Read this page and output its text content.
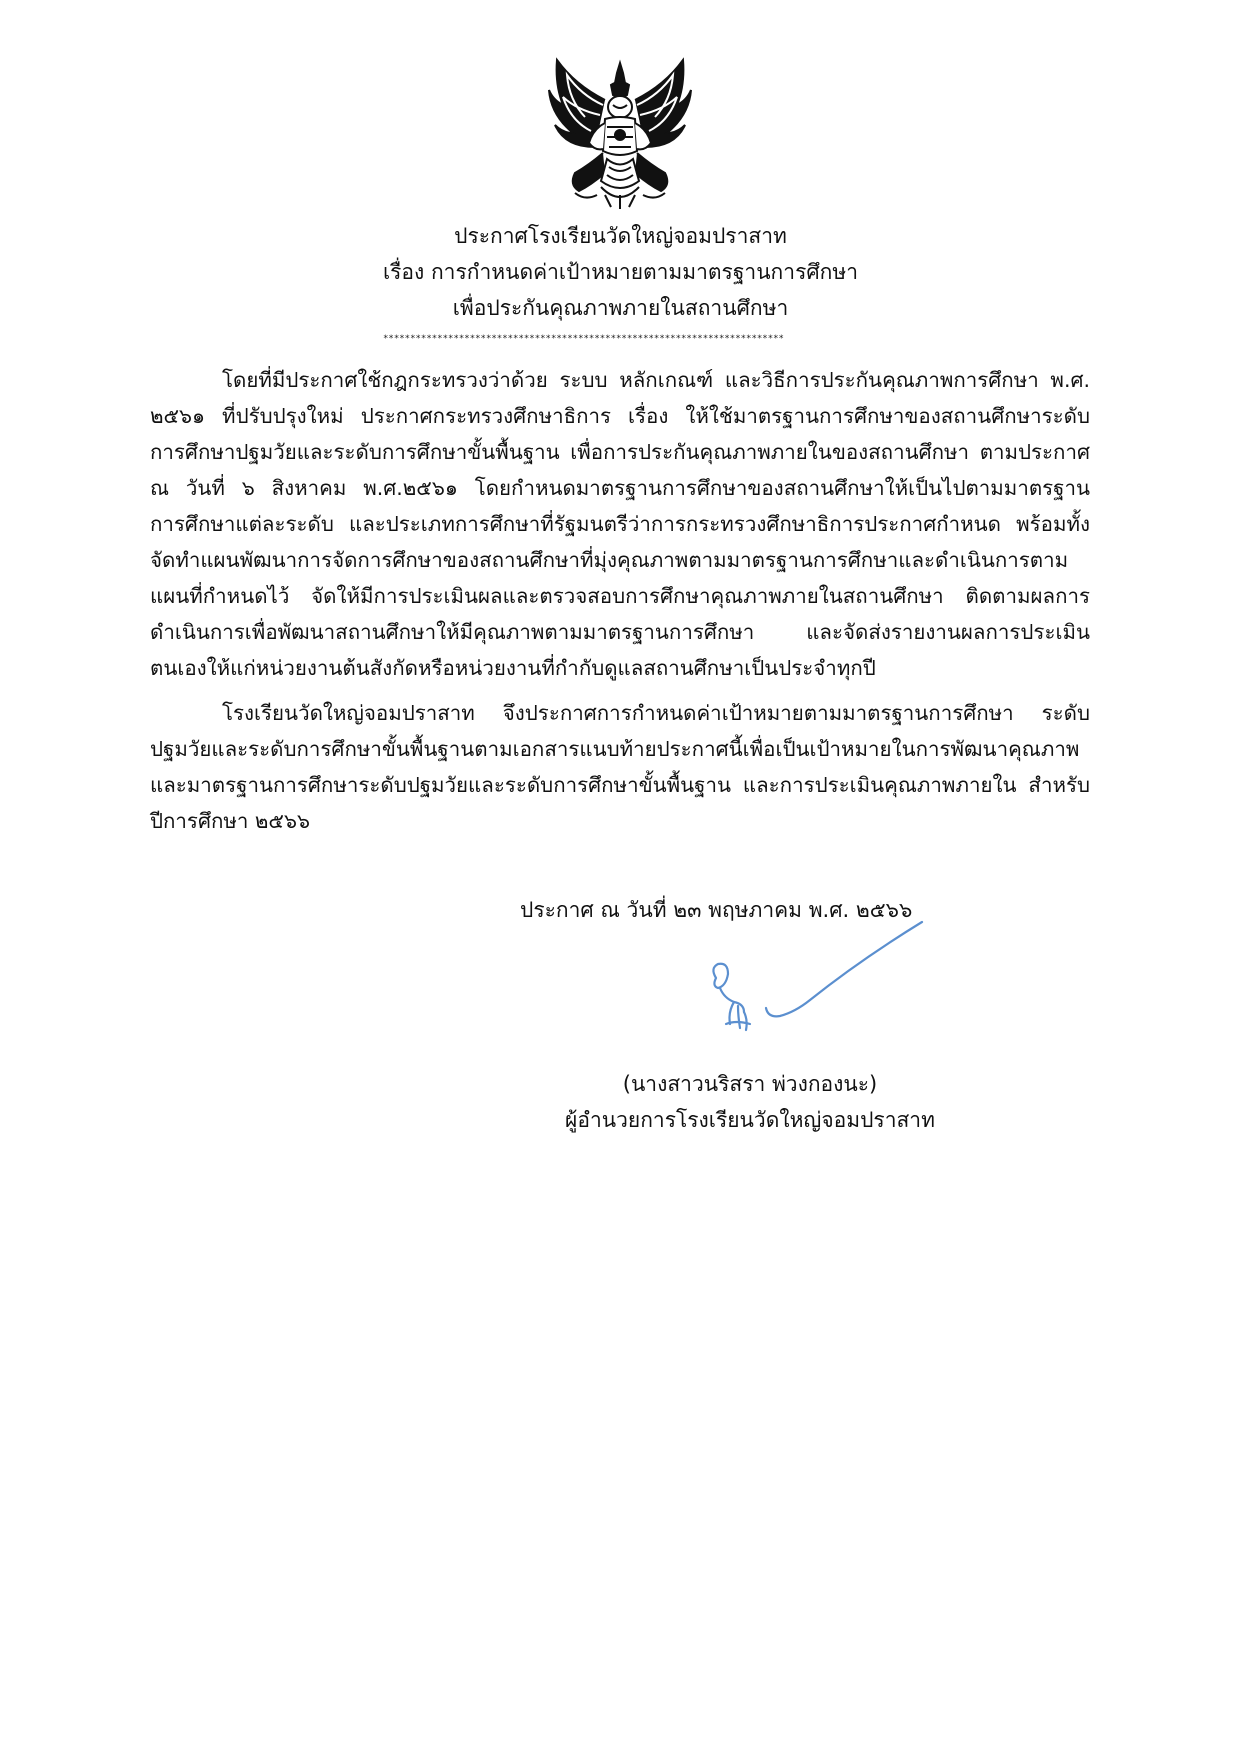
ประกาศโรงเรียนวัดใหญ่จอมปราสาท
เรื่อง การกำหนดค่าเป้าหมายตามมาตรฐานการศึกษา
เพื่อประกันคุณภาพภายในสถานศึกษา
**************************************************************************
โดยที่มีประกาศใช้กฎกระทรวงว่าด้วย ระบบ หลักเกณฑ์ และวิธีการประกันคุณภาพการศึกษา พ.ศ.
๒๕๖๑ ที่ปรับปรุงใหม่ ประกาศกระทรวงศึกษาธิการ เรื่อง ให้ใช้มาตรฐานการศึกษาของสถานศึกษาระดับ
การศึกษาปฐมวัยและระดับการศึกษาขั้นพื้นฐาน เพื่อการประกันคุณภาพภายในของสถานศึกษา ตามประกาศ
ณ วันที่ ๖ สิงหาคม พ.ศ.๒๕๖๑ โดยกำหนดมาตรฐานการศึกษาของสถานศึกษาให้เป็นไปตามมาตรฐาน
การศึกษาแต่ละระดับ และประเภทการศึกษาที่รัฐมนตรีว่าการกระทรวงศึกษาธิการประกาศกำหนด พร้อมทั้ง
จัดทำแผนพัฒนาการจัดการศึกษาของสถานศึกษาที่มุ่งคุณภาพตามมาตรฐานการศึกษาและดำเนินการตาม
แผนที่กำหนดไว้ จัดให้มีการประเมินผลและตรวจสอบการศึกษาคุณภาพภายในสถานศึกษา ติดตามผลการ
ดำเนินการเพื่อพัฒนาสถานศึกษาให้มีคุณภาพตามมาตรฐานการศึกษา และจัดส่งรายงานผลการประเมิน
ตนเองให้แก่หน่วยงานต้นสังกัดหรือหน่วยงานที่กำกับดูแลสถานศึกษาเป็นประจำทุกปี
โรงเรียนวัดใหญ่จอมปราสาท จึงประกาศการกำหนดค่าเป้าหมายตามมาตรฐานการศึกษา ระดับ
ปฐมวัยและระดับการศึกษาขั้นพื้นฐานตามเอกสารแนบท้ายประกาศนี้เพื่อเป็นเป้าหมายในการพัฒนาคุณภาพ
และมาตรฐานการศึกษาระดับปฐมวัยและระดับการศึกษาขั้นพื้นฐาน และการประเมินคุณภาพภายใน สำหรับ
ปีการศึกษา ๒๕๖๖
ประกาศ ณ วันที่ ๒๓ พฤษภาคม พ.ศ. ๒๕๖๖
(นางสาวนริสรา พ่วงกองนะ)
ผู้อำนวยการโรงเรียนวัดใหญ่จอมปราสาท
